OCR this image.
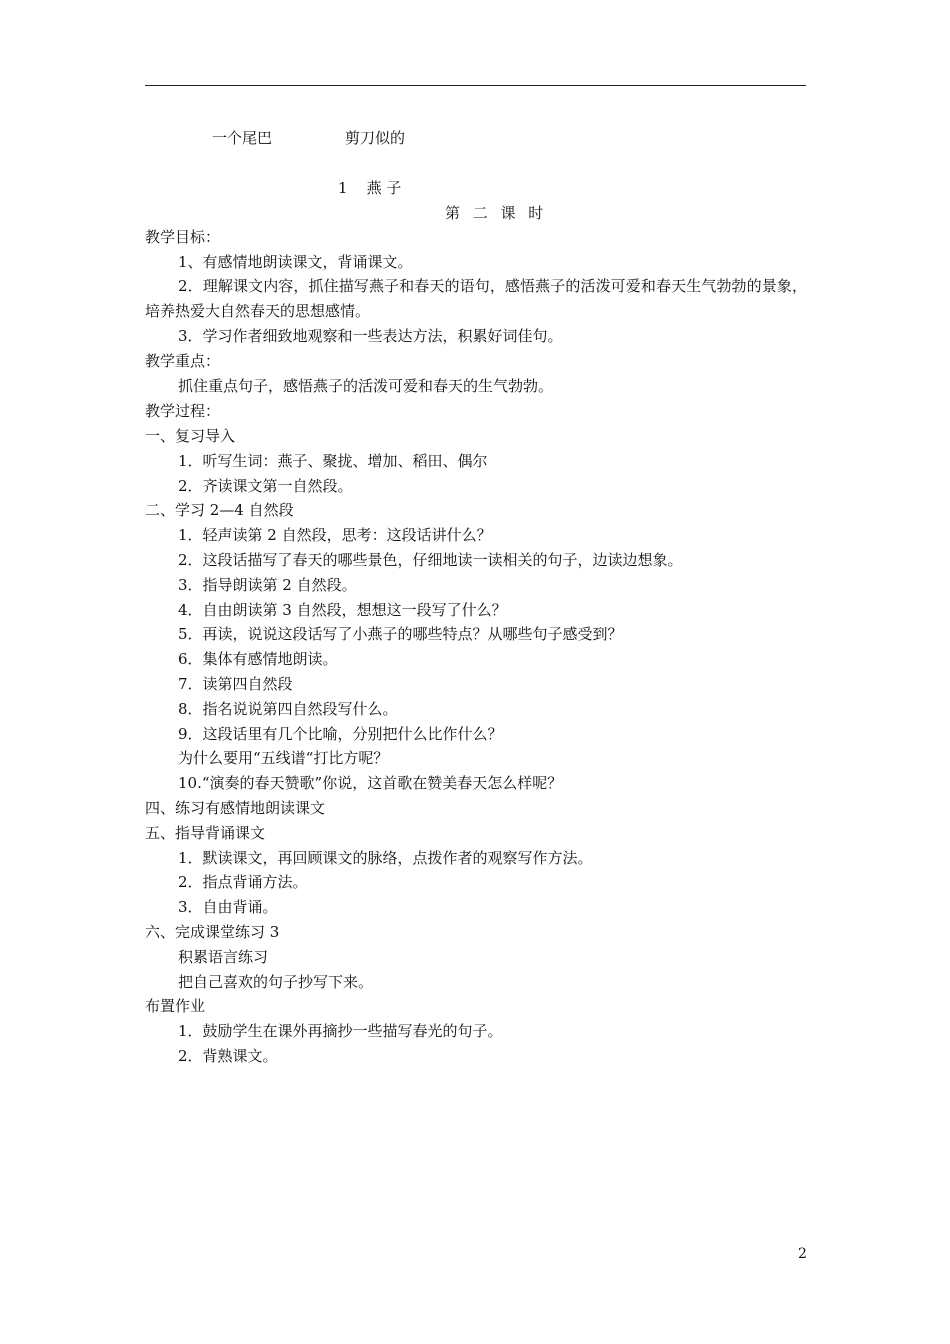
一个尾巴	剪刀似的
1    燕 子
第 二 课 时

教学目标：

1、有感情地朗读课文，背诵课文。

2．理解课文内容，抓住描写燕子和春天的语句，感悟燕子的活泼可爱和春天生气勃勃的景象，培养热爱大自然春天的思想感情。

3．学习作者细致地观察和一些表达方法，积累好词佳句。

教学重点：

抓住重点句子，感悟燕子的活泼可爱和春天的生气勃勃。

教学过程：

一、复习导入

1．听写生词：燕子、聚拢、增加、稻田、偶尔

2．齐读课文第一自然段。

二、学习 2—4 自然段

1．轻声读第 2 自然段，思考：这段话讲什么？

2．这段话描写了春天的哪些景色，仔细地读一读相关的句子，边读边想象。

3．指导朗读第 2 自然段。

4．自由朗读第 3 自然段，想想这一段写了什么？

5．再读，说说这段话写了小燕子的哪些特点？从哪些句子感受到？

6．集体有感情地朗读。

7．读第四自然段

8．指名说说第四自然段写什么。

9．这段话里有几个比喻，分别把什么比作什么？

为什么要用“五线谱“打比方呢？

10.“演奏的春天赞歌”你说，这首歌在赞美春天怎么样呢？

四、练习有感情地朗读课文

五、指导背诵课文

1．默读课文，再回顾课文的脉络，点拨作者的观察写作方法。

2．指点背诵方法。

3．自由背诵。

六、完成课堂练习 3

积累语言练习

把自己喜欢的句子抄写下来。

布置作业

1．鼓励学生在课外再摘抄一些描写春光的句子。

2．背熟课文。

2
